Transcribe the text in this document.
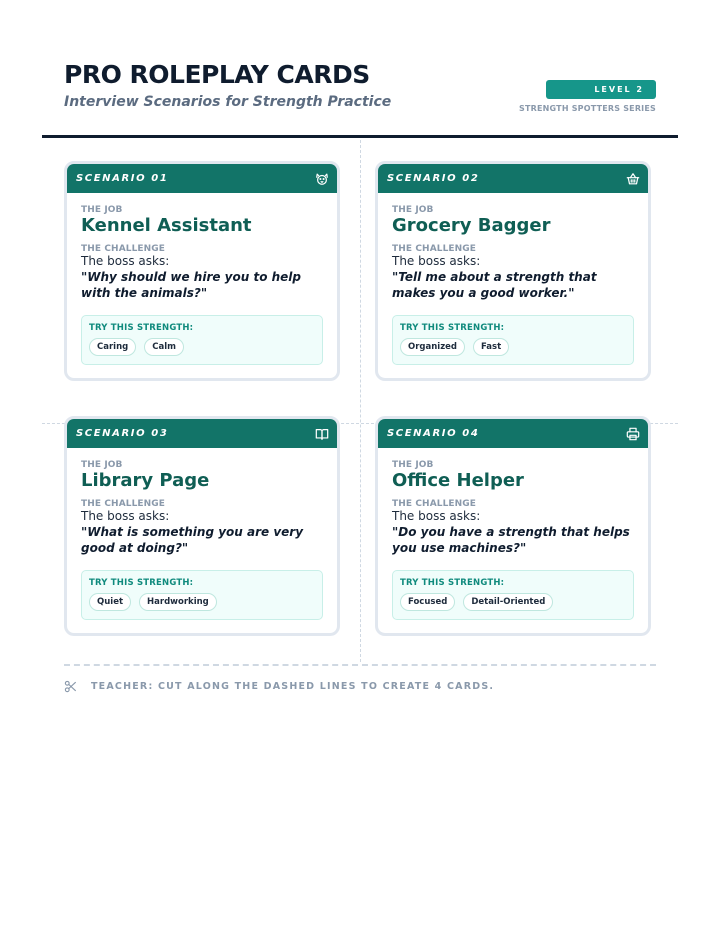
PRO ROLEPLAY CARDS
Interview Scenarios for Strength Practice
LEVEL 2
STRENGTH SPOTTERS SERIES
SCENARIO 01
THE JOB
Kennel Assistant
THE CHALLENGE
The boss asks:
"Why should we hire you to help with the animals?"
TRY THIS STRENGTH:
Caring	Calm
SCENARIO 02
THE JOB
Grocery Bagger
THE CHALLENGE
The boss asks:
"Tell me about a strength that makes you a good worker."
TRY THIS STRENGTH:
Organized	Fast
SCENARIO 03
THE JOB
Library Page
THE CHALLENGE
The boss asks:
"What is something you are very good at doing?"
TRY THIS STRENGTH:
Quiet	Hardworking
SCENARIO 04
THE JOB
Office Helper
THE CHALLENGE
The boss asks:
"Do you have a strength that helps you use machines?"
TRY THIS STRENGTH:
Focused	Detail-Oriented
TEACHER: CUT ALONG THE DASHED LINES TO CREATE 4 CARDS.
